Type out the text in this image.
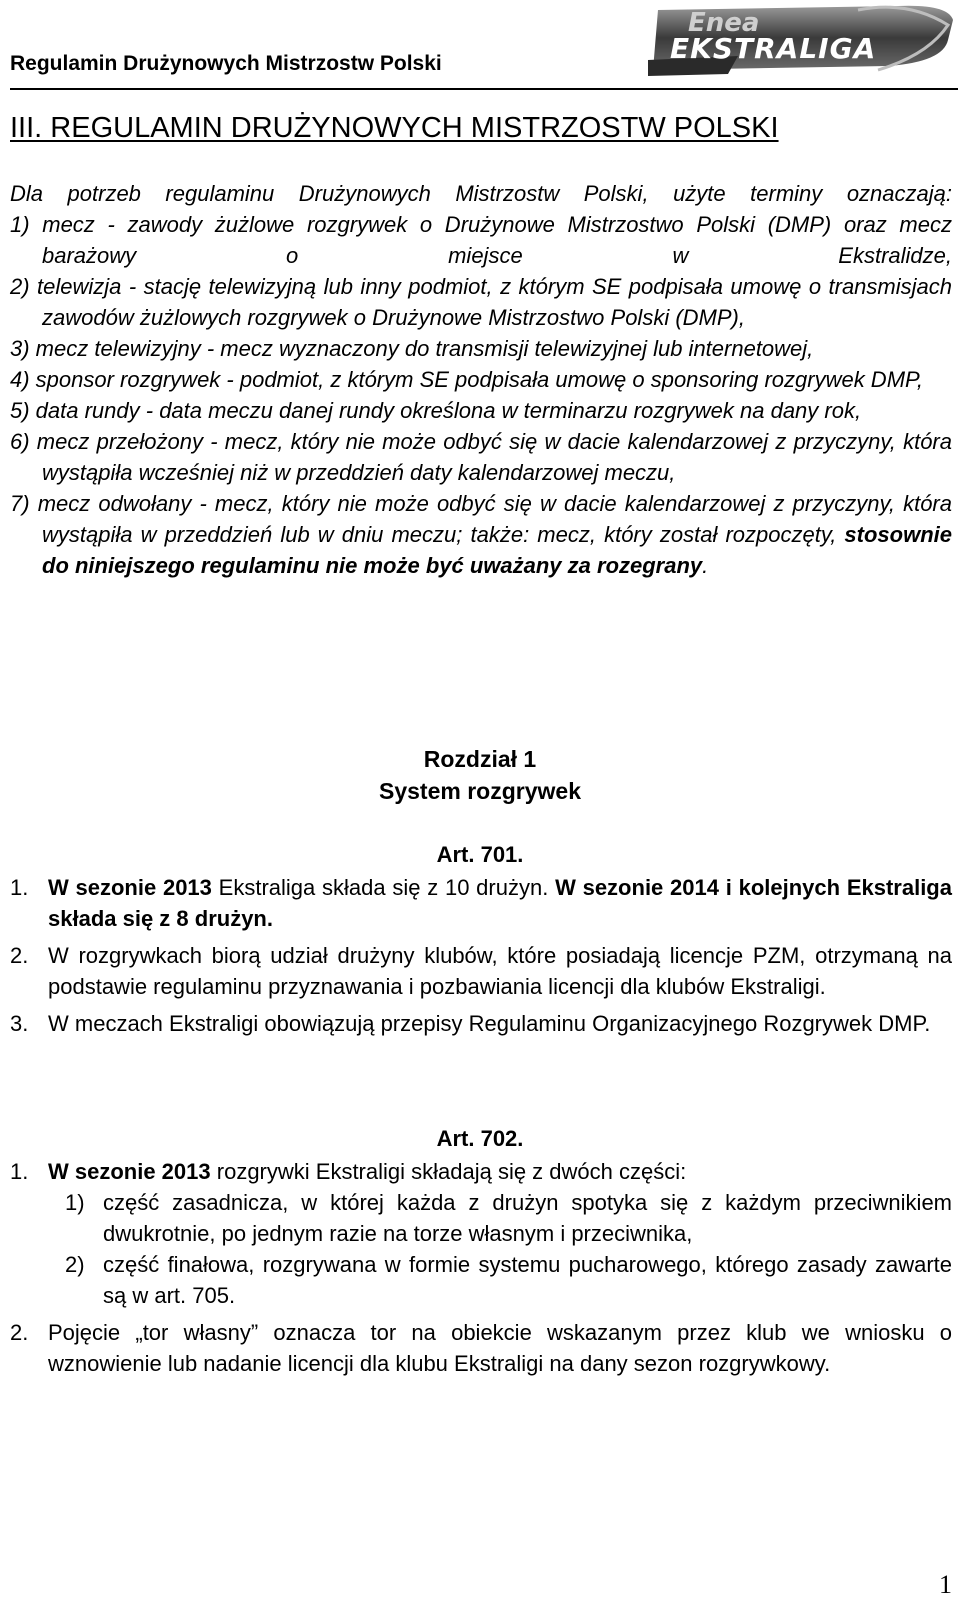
Regulamin Drużynowych Mistrzostw Polski
Enea
EKSTRALIGA
III. REGULAMIN DRUŻYNOWYCH MISTRZOSTW POLSKI

Dla potrzeb regulaminu Drużynowych Mistrzostw Polski, użyte terminy oznaczają:

1) mecz - zawody żużlowe rozgrywek o Drużynowe Mistrzostwo Polski (DMP) oraz mecz barażowy o miejsce w Ekstralidze,

2) telewizja - stację telewizyjną lub inny podmiot, z którym SE podpisała umowę o transmisjach zawodów żużlowych rozgrywek o Drużynowe Mistrzostwo Polski (DMP),

3) mecz telewizyjny - mecz wyznaczony do transmisji telewizyjnej lub internetowej,

4) sponsor rozgrywek - podmiot, z którym SE podpisała umowę o sponsoring rozgrywek DMP,

5) data rundy - data meczu danej rundy określona w terminarzu rozgrywek na dany rok,

6) mecz przełożony - mecz, który nie może odbyć się w dacie kalendarzowej z przyczyny, która wystąpiła wcześniej niż w przeddzień daty kalendarzowej meczu,

7) mecz odwołany - mecz, który nie może odbyć się w dacie kalendarzowej z przyczyny, która wystąpiła w przeddzień lub w dniu meczu; także: mecz, który został rozpoczęty, stosownie do niniejszego regulaminu nie może być uważany za rozegrany.

Rozdział 1
System rozgrywek
Art. 701.
1. W sezonie 2013 Ekstraliga składa się z 10 drużyn. W sezonie 2014 i kolejnych Ekstraliga składa się z 8 drużyn.
2. W rozgrywkach biorą udział drużyny klubów, które posiadają licencje PZM, otrzymaną na podstawie regulaminu przyznawania i pozbawiania licencji dla klubów Ekstraligi.
3. W meczach Ekstraligi obowiązują przepisy Regulaminu Organizacyjnego Rozgrywek DMP.
Art. 702.
1. W sezonie 2013 rozgrywki Ekstraligi składają się z dwóch części:
1) część zasadnicza, w której każda z drużyn spotyka się z każdym przeciwnikiem dwukrotnie, po jednym razie na torze własnym i przeciwnika,
2) część finałowa, rozgrywana w formie systemu pucharowego, którego zasady zawarte są w art. 705.
2. Pojęcie „tor własny” oznacza tor na obiekcie wskazanym przez klub we wniosku o wznowienie lub nadanie licencji dla klubu Ekstraligi na dany sezon rozgrywkowy.
1
